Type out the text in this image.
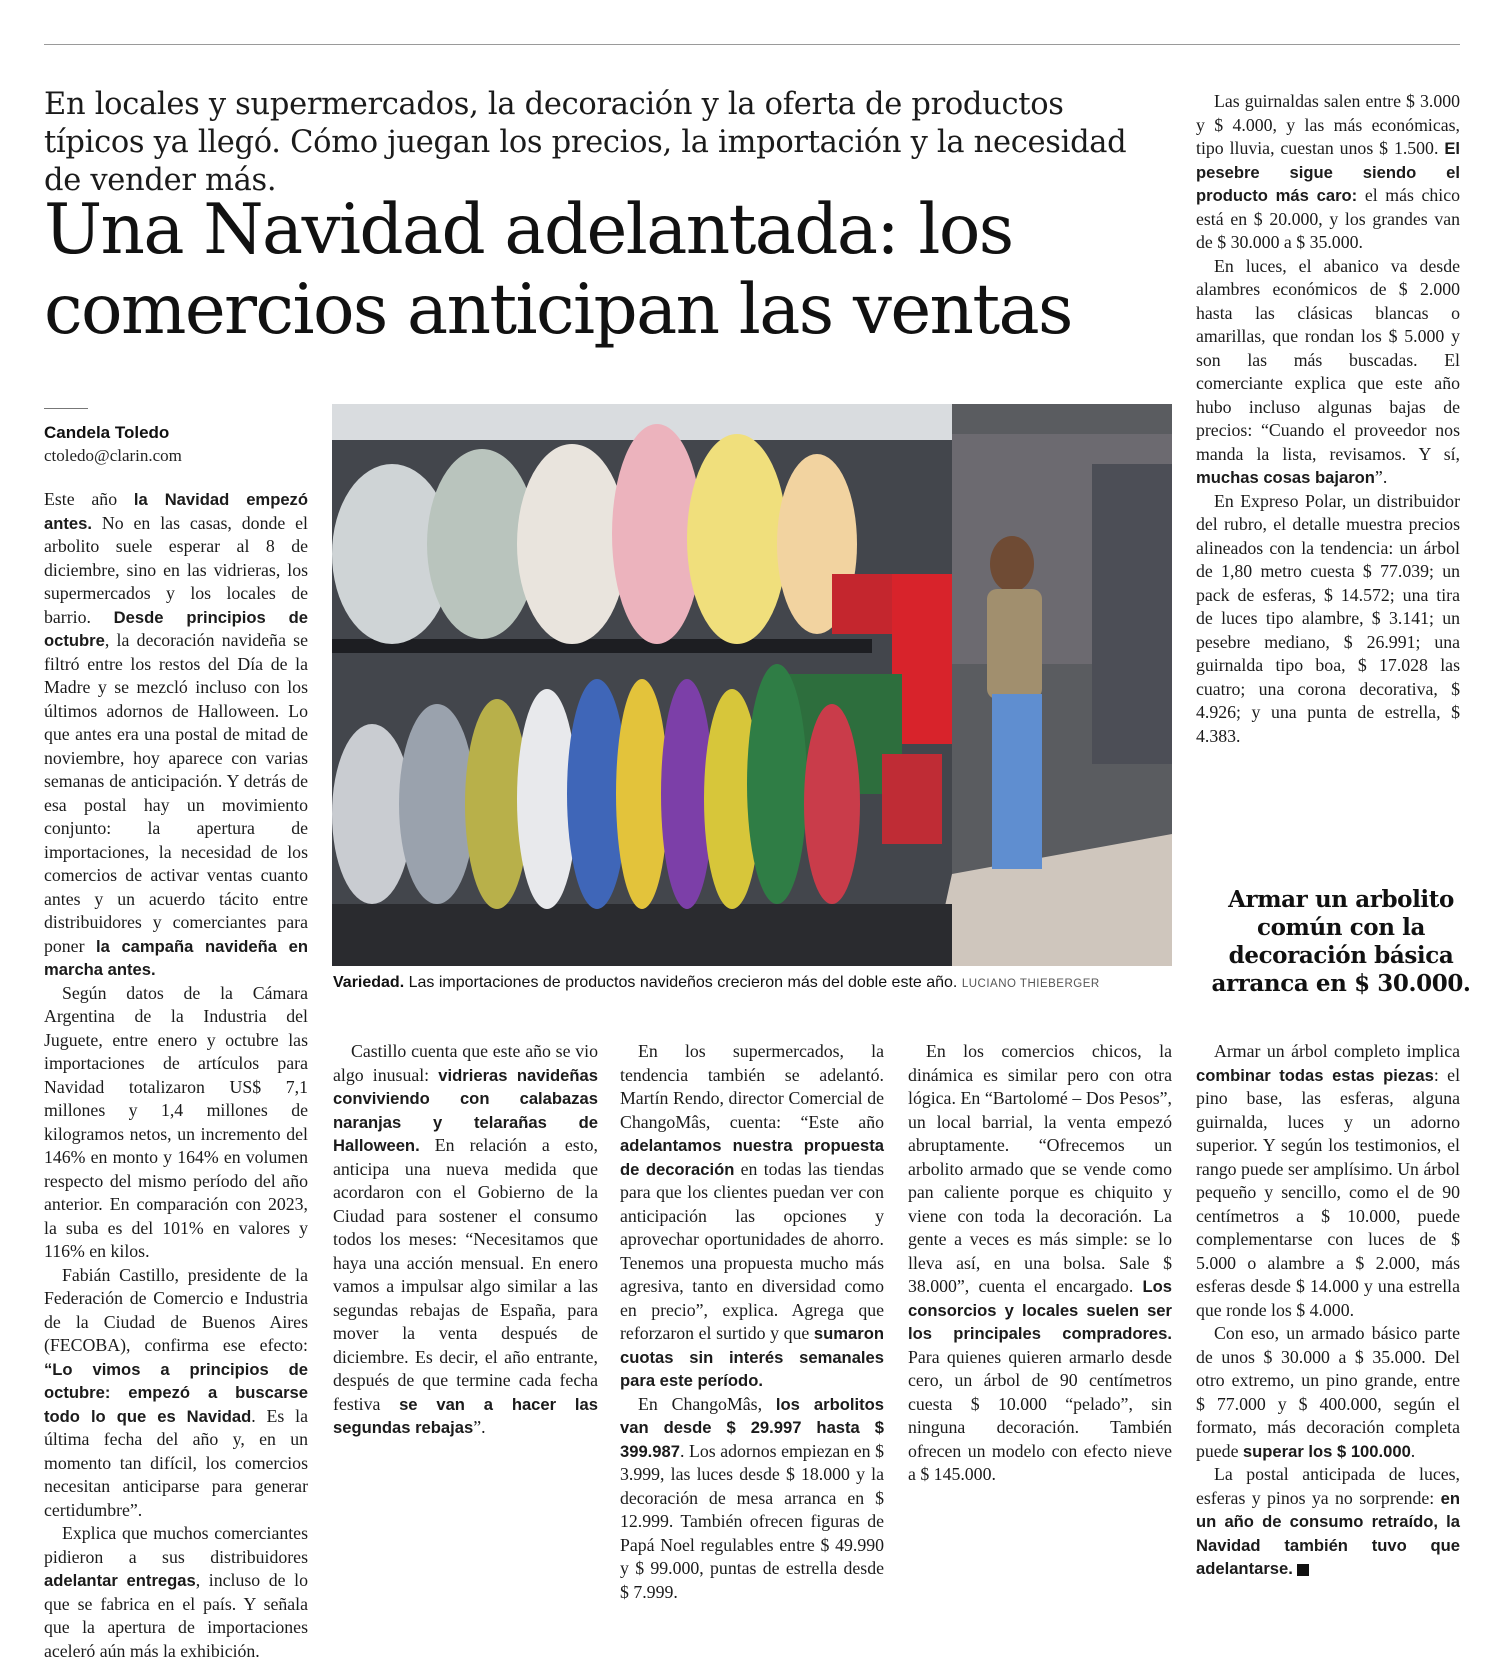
En locales y supermercados, la decoración y la oferta de productos típicos ya llegó. Cómo juegan los precios, la importación y la necesidad de vender más.

Una Navidad adelantada: los comercios anticipan las ventas
Candela Toledo
ctoledo@clarin.com

Este año la Navidad empezó antes. No en las casas, donde el arbolito suele esperar al 8 de diciembre, sino en las vidrieras, los supermercados y los locales de barrio. Desde principios de octubre, la decoración navideña se filtró entre los restos del Día de la Madre y se mezcló incluso con los últimos adornos de Halloween. Lo que antes era una postal de mitad de noviembre, hoy aparece con varias semanas de anticipación. Y detrás de esa postal hay un movimiento conjunto: la apertura de importaciones, la necesidad de los comercios de activar ventas cuanto antes y un acuerdo tácito entre distribuidores y comerciantes para poner la campaña navideña en marcha antes.

Según datos de la Cámara Argentina de la Industria del Juguete, entre enero y octubre las importaciones de artículos para Navidad totalizaron US$ 7,1 millones y 1,4 millones de kilogramos netos, un incremento del 146% en monto y 164% en volumen respecto del mismo período del año anterior. En comparación con 2023, la suba es del 101% en valores y 116% en kilos.

Fabián Castillo, presidente de la Federación de Comercio e Industria de la Ciudad de Buenos Aires (FECOBA), confirma ese efecto: “Lo vimos a principios de octubre: empezó a buscarse todo lo que es Navidad. Es la última fecha del año y, en un momento tan difícil, los comercios necesitan anticiparse para generar certidumbre”.

Explica que muchos comerciantes pidieron a sus distribuidores adelantar entregas, incluso de lo que se fabrica en el país. Y señala que la apertura de importaciones aceleró aún más la exhibición.

Variedad. Las importaciones de productos navideños crecieron más del doble este año. LUCIANO THIEBERGER

Castillo cuenta que este año se vio algo inusual: vidrieras navideñas conviviendo con calabazas naranjas y telarañas de Halloween. En relación a esto, anticipa una nueva medida que acordaron con el Gobierno de la Ciudad para sostener el consumo todos los meses: “Necesitamos que haya una acción mensual. En enero vamos a impulsar algo similar a las segundas rebajas de España, para mover la venta después de diciembre. Es decir, el año entrante, después de que termine cada fecha festiva se van a hacer las segundas rebajas”.

En los supermercados, la tendencia también se adelantó. Martín Rendo, director Comercial de ChangoMâs, cuenta: “Este año adelantamos nuestra propuesta de decoración en todas las tiendas para que los clientes puedan ver con anticipación las opciones y aprovechar oportunidades de ahorro. Tenemos una propuesta mucho más agresiva, tanto en diversidad como en precio”, explica. Agrega que reforzaron el surtido y que sumaron cuotas sin interés semanales para este período.

En ChangoMâs, los arbolitos van desde $ 29.997 hasta $ 399.987. Los adornos empiezan en $ 3.999, las luces desde $ 18.000 y la decoración de mesa arranca en $ 12.999. También ofrecen figuras de Papá Noel regulables entre $ 49.990 y $ 99.000, puntas de estrella desde $ 7.999.

En los comercios chicos, la dinámica es similar pero con otra lógica. En “Bartolomé – Dos Pesos”, un local barrial, la venta empezó abruptamente. “Ofrecemos un arbolito armado que se vende como pan caliente porque es chiquito y viene con toda la decoración. La gente a veces es más simple: se lo lleva así, en una bolsa. Sale $ 38.000”, cuenta el encargado. Los consorcios y locales suelen ser los principales compradores. Para quienes quieren armarlo desde cero, un árbol de 90 centímetros cuesta $ 10.000 “pelado”, sin ninguna decoración. También ofrecen un modelo con efecto nieve a $ 145.000.

Las guirnaldas salen entre $ 3.000 y $ 4.000, y las más económicas, tipo lluvia, cuestan unos $ 1.500. El pesebre sigue siendo el producto más caro: el más chico está en $ 20.000, y los grandes van de $ 30.000 a $ 35.000.

En luces, el abanico va desde alambres económicos de $ 2.000 hasta las clásicas blancas o amarillas, que rondan los $ 5.000 y son las más buscadas. El comerciante explica que este año hubo incluso algunas bajas de precios: “Cuando el proveedor nos manda la lista, revisamos. Y sí, muchas cosas bajaron”.

En Expreso Polar, un distribuidor del rubro, el detalle muestra precios alineados con la tendencia: un árbol de 1,80 metro cuesta $ 77.039; un pack de esferas, $ 14.572; una tira de luces tipo alambre, $ 3.141; un pesebre mediano, $ 26.991; una guirnalda tipo boa, $ 17.028 las cuatro; una corona decorativa, $ 4.926; y una punta de estrella, $ 4.383.

Armar un arbolito común con la decoración básica arranca en $ 30.000.

Armar un árbol completo implica combinar todas estas piezas: el pino base, las esferas, alguna guirnalda, luces y un adorno superior. Y según los testimonios, el rango puede ser amplísimo. Un árbol pequeño y sencillo, como el de 90 centímetros a $ 10.000, puede complementarse con luces de $ 5.000 o alambre a $ 2.000, más esferas desde $ 14.000 y una estrella que ronde los $ 4.000.

Con eso, un armado básico parte de unos $ 30.000 a $ 35.000. Del otro extremo, un pino grande, entre $ 77.000 y $ 400.000, según el formato, más decoración completa puede superar los $ 100.000.

La postal anticipada de luces, esferas y pinos ya no sorprende: en un año de consumo retraído, la Navidad también tuvo que adelantarse.
